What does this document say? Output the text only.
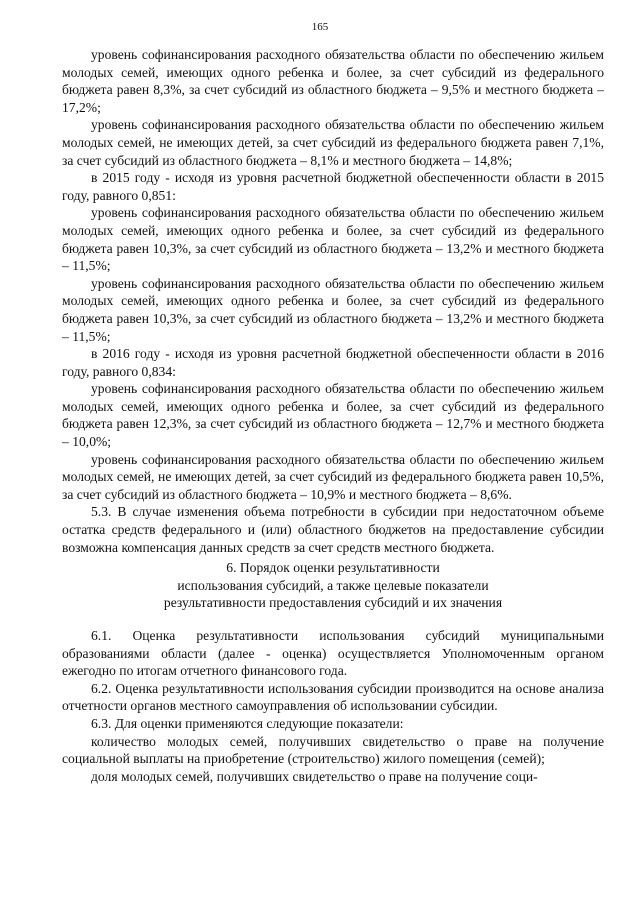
165

уровень софинансирования расходного обязательства области по обеспечению жильем молодых семей, имеющих одного ребенка и более, за счет субсидий из федерального бюджета равен 8,3%, за счет субсидий из областного бюджета – 9,5% и местного бюджета – 17,2%;

уровень софинансирования расходного обязательства области по обеспечению жильем молодых семей, не имеющих детей, за счет субсидий из федерального бюджета равен 7,1%, за счет субсидий из областного бюджета – 8,1% и местного бюджета – 14,8%;

в 2015 году - исходя из уровня расчетной бюджетной обеспеченности области в 2015 году, равного 0,851:

уровень софинансирования расходного обязательства области по обеспечению жильем молодых семей, имеющих одного ребенка и более, за счет субсидий из федерального бюджета равен 10,3%, за счет субсидий из областного бюджета – 13,2% и местного бюджета – 11,5%;

уровень софинансирования расходного обязательства области по обеспечению жильем молодых семей, имеющих одного ребенка и более, за счет субсидий из федерального бюджета равен 10,3%, за счет субсидий из областного бюджета – 13,2% и местного бюджета – 11,5%;

в 2016 году - исходя из уровня расчетной бюджетной обеспеченности области в 2016 году, равного 0,834:

уровень софинансирования расходного обязательства области по обеспечению жильем молодых семей, имеющих одного ребенка и более, за счет субсидий из федерального бюджета равен 12,3%, за счет субсидий из областного бюджета – 12,7% и местного бюджета – 10,0%;

уровень софинансирования расходного обязательства области по обеспечению жильем молодых семей, не имеющих детей, за счет субсидий из федерального бюджета равен 10,5%, за счет субсидий из областного бюджета – 10,9% и местного бюджета – 8,6%.

5.3. В случае изменения объема потребности в субсидии при недостаточном объеме остатка средств федерального и (или) областного бюджетов на предоставление субсидии возможна компенсация данных средств за счет средств местного бюджета.

6. Порядок оценки результативности
использования субсидий, а также целевые показатели
результативности предоставления субсидий и их значения

6.1. Оценка результативности использования субсидий муниципальными образованиями области (далее - оценка) осуществляется Уполномоченным органом ежегодно по итогам отчетного финансового года.

6.2. Оценка результативности использования субсидии производится на основе анализа отчетности органов местного самоуправления об использовании субсидии.

6.3. Для оценки применяются следующие показатели:

количество молодых семей, получивших свидетельство о праве на получение социальной выплаты на приобретение (строительство) жилого помещения (семей);

доля молодых семей, получивших свидетельство о праве на получение соци-
